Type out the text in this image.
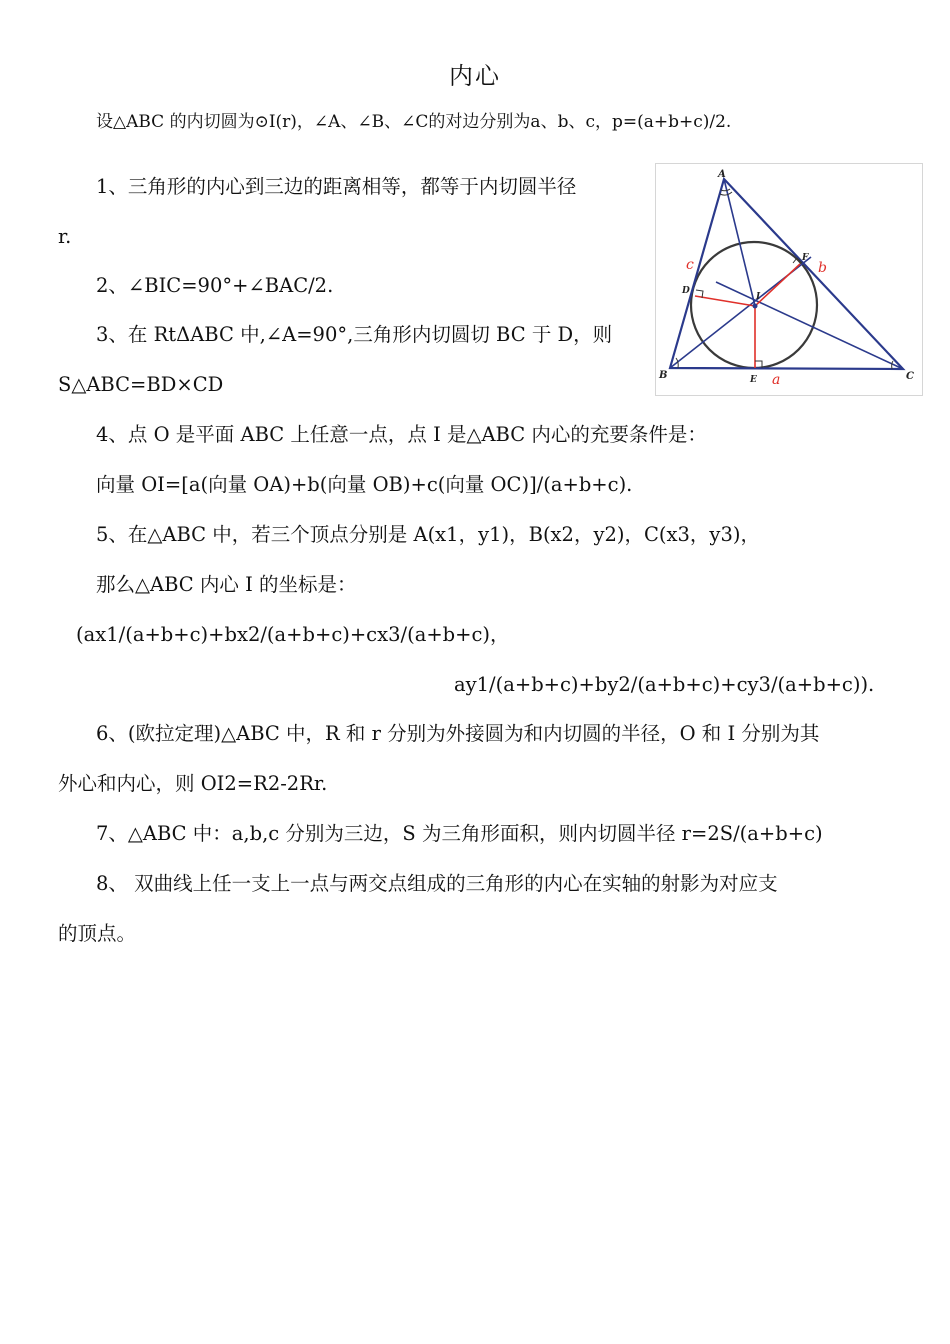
内心
设△ABC 的内切圆为⊙I(r)，∠A、∠B、∠C的对边分别为a、b、c，p=(a+b+c)/2.
1、三角形的内心到三边的距离相等，都等于内切圆半径
r.
2、∠BIC=90°+∠BAC/2.
3、在 RtΔABC 中,∠A=90°,三角形内切圆切 BC 于 D，则
S△ABC=BD×CD
4、点 O 是平面 ABC 上任意一点，点 I 是△ABC 内心的充要条件是：
向量 OI=[a(向量 OA)+b(向量 OB)+c(向量 OC)]/(a+b+c).
5、在△ABC 中，若三个顶点分别是 A(x1，y1)，B(x2，y2)，C(x3，y3)，
那么△ABC 内心 I 的坐标是：
(ax1/(a+b+c)+bx2/(a+b+c)+cx3/(a+b+c)，
ay1/(a+b+c)+by2/(a+b+c)+cy3/(a+b+c)).
6、(欧拉定理)△ABC 中，R 和 r 分别为外接圆为和内切圆的半径，O 和 I 分别为其
外心和内心，则 OI2=R2-2Rr.
7、△ABC 中：a,b,c 分别为三边，S 为三角形面积，则内切圆半径 r=2S/(a+b+c)
8、 双曲线上任一支上一点与两交点组成的三角形的内心在实轴的射影为对应支
的顶点。
A
B	C
D
E
F
I
a
b
c
